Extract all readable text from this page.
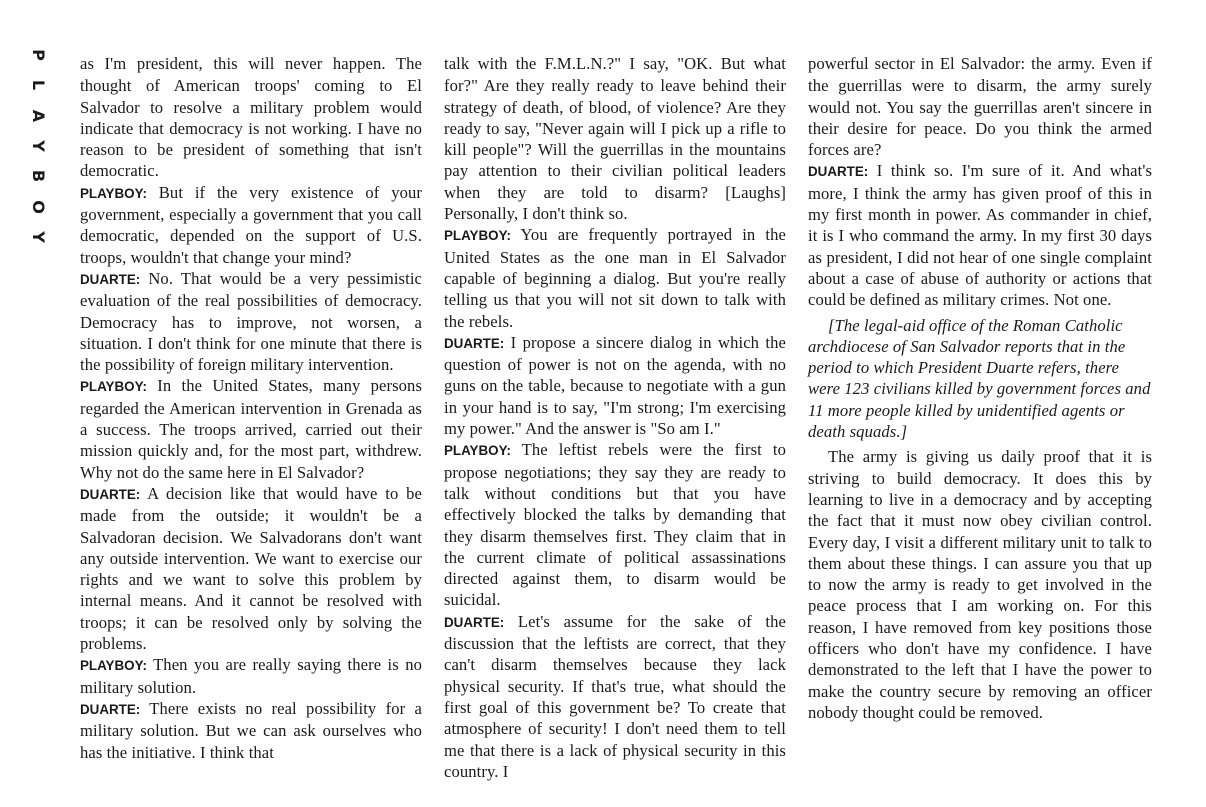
P
L
A
Y
B
O
Y

as I'm president, this will never happen. The thought of American troops' coming to El Salvador to resolve a military problem would indicate that democracy is not working. I have no reason to be president of something that isn't democratic.

PLAYBOY: But if the very existence of your government, especially a government that you call democratic, depended on the support of U.S. troops, wouldn't that change your mind?

DUARTE: No. That would be a very pessimistic evaluation of the real possibilities of democracy. Democracy has to improve, not worsen, a situation. I don't think for one minute that there is the possibility of foreign military intervention.

PLAYBOY: In the United States, many persons regarded the American intervention in Grenada as a success. The troops arrived, carried out their mission quickly and, for the most part, withdrew. Why not do the same here in El Salvador?

DUARTE: A decision like that would have to be made from the outside; it wouldn't be a Salvadoran decision. We Salvadorans don't want any outside intervention. We want to exercise our rights and we want to solve this problem by internal means. And it cannot be resolved with troops; it can be resolved only by solving the problems.

PLAYBOY: Then you are really saying there is no military solution.

DUARTE: There exists no real possibility for a military solution. But we can ask ourselves who has the initiative. I think that

talk with the F.M.L.N.?" I say, "OK. But what for?" Are they really ready to leave behind their strategy of death, of blood, of violence? Are they ready to say, "Never again will I pick up a rifle to kill people"? Will the guerrillas in the mountains pay attention to their civilian political leaders when they are told to disarm? [Laughs] Personally, I don't think so.

PLAYBOY: You are frequently portrayed in the United States as the one man in El Salvador capable of beginning a dialog. But you're really telling us that you will not sit down to talk with the rebels.

DUARTE: I propose a sincere dialog in which the question of power is not on the agenda, with no guns on the table, because to negotiate with a gun in your hand is to say, "I'm strong; I'm exercising my power." And the answer is "So am I."

PLAYBOY: The leftist rebels were the first to propose negotiations; they say they are ready to talk without conditions but that you have effectively blocked the talks by demanding that they disarm themselves first. They claim that in the current climate of political assassinations directed against them, to disarm would be suicidal.

DUARTE: Let's assume for the sake of the discussion that the leftists are correct, that they can't disarm themselves because they lack physical security. If that's true, what should the first goal of this government be? To create that atmosphere of security! I don't need them to tell me that there is a lack of physical security in this country. I

powerful sector in El Salvador: the army. Even if the guerrillas were to disarm, the army surely would not. You say the guerrillas aren't sincere in their desire for peace. Do you think the armed forces are?

DUARTE: I think so. I'm sure of it. And what's more, I think the army has given proof of this in my first month in power. As commander in chief, it is I who command the army. In my first 30 days as president, I did not hear of one single complaint about a case of abuse of authority or actions that could be defined as military crimes. Not one.

[The legal-aid office of the Roman Catholic archdiocese of San Salvador reports that in the period to which President Duarte refers, there were 123 civilians killed by government forces and 11 more people killed by unidentified agents or death squads.]

The army is giving us daily proof that it is striving to build democracy. It does this by learning to live in a democracy and by accepting the fact that it must now obey civilian control. Every day, I visit a different military unit to talk to them about these things. I can assure you that up to now the army is ready to get involved in the peace process that I am working on. For this reason, I have removed from key positions those officers who don't have my confidence. I have demonstrated to the left that I have the power to make the country secure by removing an officer nobody thought could be removed.
